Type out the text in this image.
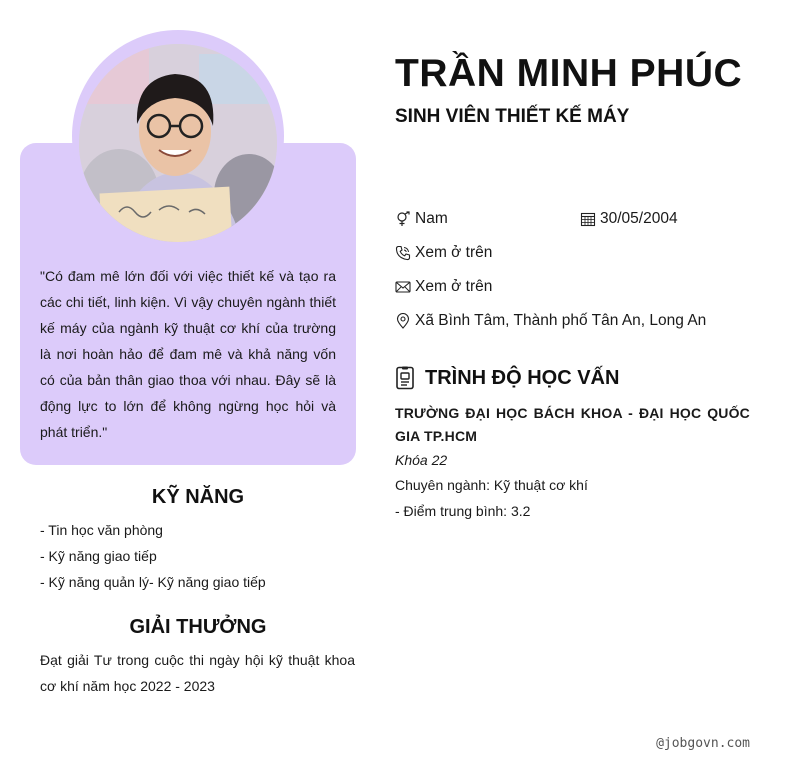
"Có đam mê lớn đối với việc thiết kế và tạo ra các chi tiết, linh kiện. Vì vậy chuyên ngành thiết kế máy của ngành kỹ thuật cơ khí của trường là nơi hoàn hảo để đam mê và khả năng vốn có của bản thân giao thoa với nhau. Đây sẽ là động lực to lớn để không ngừng học hỏi và phát triển."

KỸ NĂNG
- Tin học văn phòng
- Kỹ năng giao tiếp
- Kỹ năng quản lý- Kỹ năng giao tiếp
GIẢI THƯỞNG

Đạt giải Tư trong cuộc thi ngày hội kỹ thuật khoa cơ khí năm học 2022 - 2023

TRẦN MINH PHÚC
SINH VIÊN THIẾT KẾ MÁY
Nam	30/05/2004
Xem ở trên
Xem ở trên
Xã Bình Tâm, Thành phố Tân An, Long An
TRÌNH ĐỘ HỌC VẤN

TRƯỜNG ĐẠI HỌC BÁCH KHOA - ĐẠI HỌC QUỐC GIA TP.HCM

Khóa 22

Chuyên ngành: Kỹ thuật cơ khí

- Điểm trung bình: 3.2

@jobgovn.com
